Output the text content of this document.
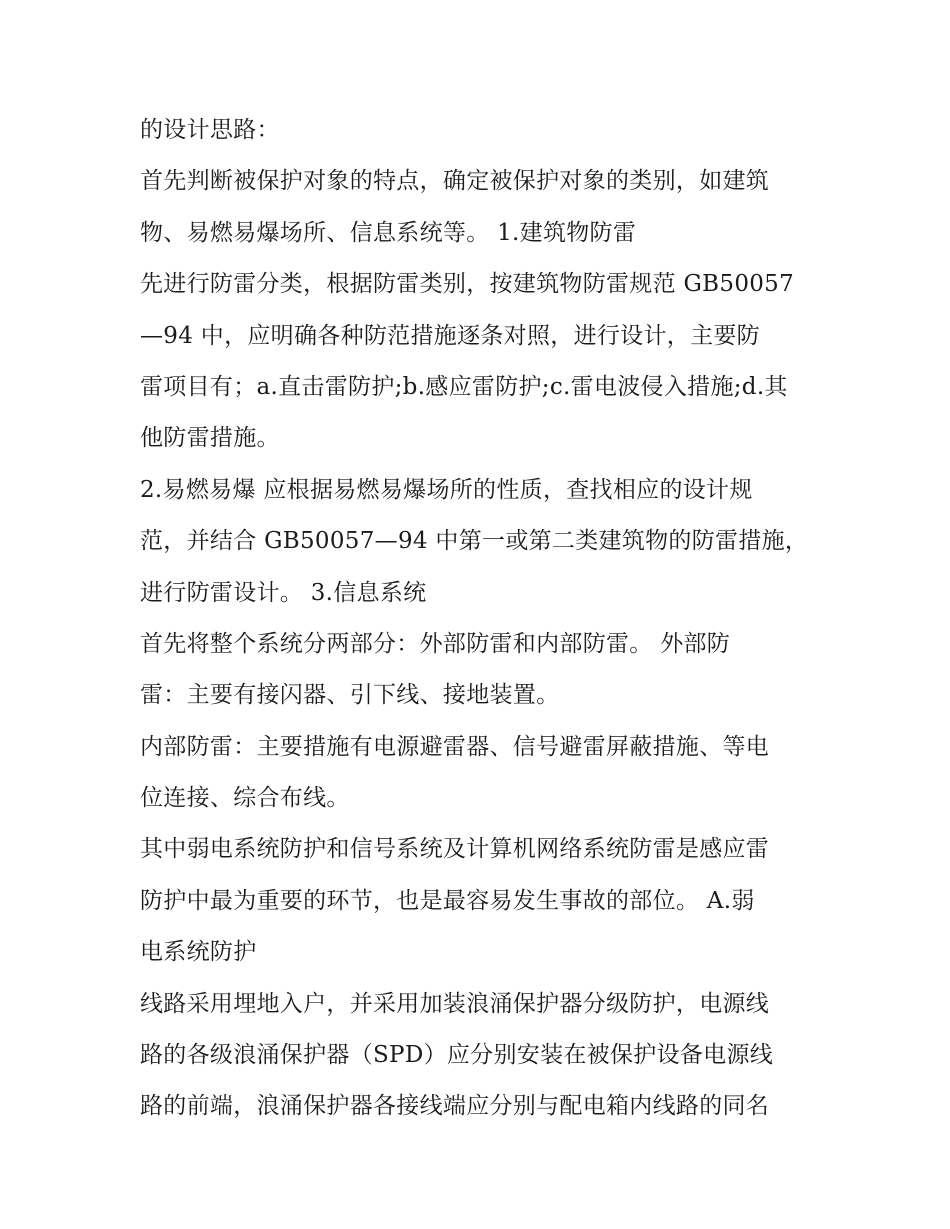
的设计思路：
首先判断被保护对象的特点，确定被保护对象的类别，如建筑
物、易燃易爆场所、信息系统等。 1.建筑物防雷
先进行防雷分类，根据防雷类别，按建筑物防雷规范 GB50057
—94 中，应明确各种防范措施逐条对照，进行设计，主要防
雷项目有；a.直击雷防护;b.感应雷防护;c.雷电波侵入措施;d.其
他防雷措施。
2.易燃易爆 应根据易燃易爆场所的性质，查找相应的设计规
范，并结合 GB50057—94 中第一或第二类建筑物的防雷措施，
进行防雷设计。 3.信息系统
首先将整个系统分两部分：外部防雷和内部防雷。 外部防
雷：主要有接闪器、引下线、接地装置。
内部防雷：主要措施有电源避雷器、信号避雷屏蔽措施、等电
位连接、综合布线。
其中弱电系统防护和信号系统及计算机网络系统防雷是感应雷
防护中最为重要的环节，也是最容易发生事故的部位。 A.弱
电系统防护
线路采用埋地入户，并采用加装浪涌保护器分级防护，电源线
路的各级浪涌保护器（SPD）应分别安装在被保护设备电源线
路的前端，浪涌保护器各接线端应分别与配电箱内线路的同名
